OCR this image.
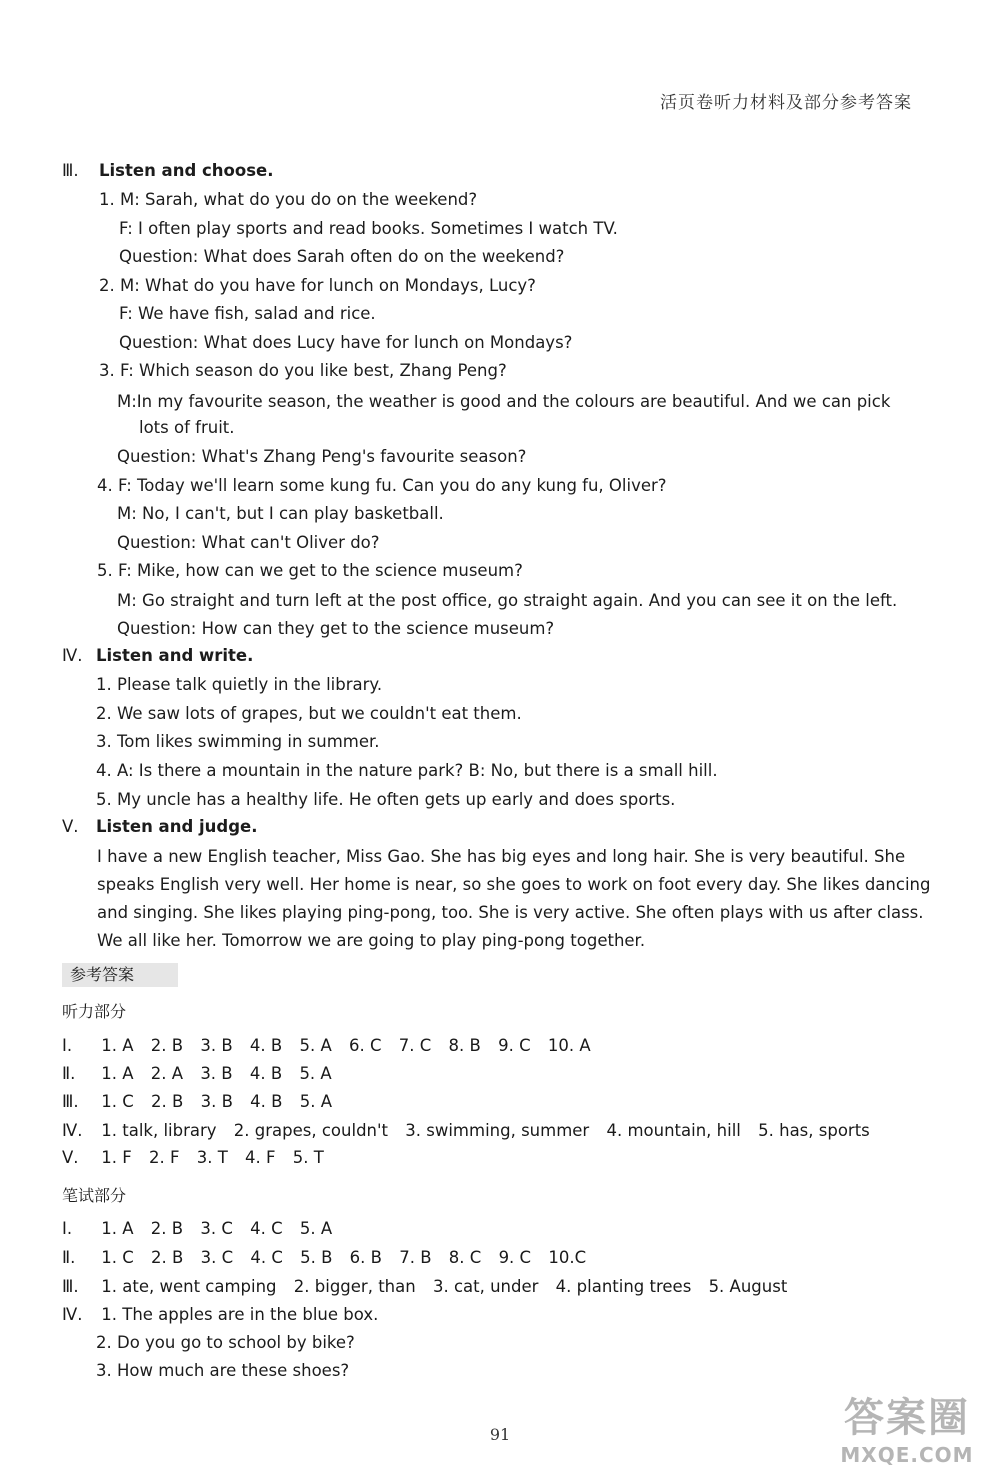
活页卷听力材料及部分参考答案
Ⅲ. Listen and choose.
1. M: Sarah, what do you do on the weekend?
F: I often play sports and read books. Sometimes I watch TV.
Question: What does Sarah often do on the weekend?
2. M: What do you have for lunch on Mondays, Lucy?
F: We have fish, salad and rice.
Question: What does Lucy have for lunch on Mondays?
3. F: Which season do you like best, Zhang Peng?
M:In my favourite season, the weather is good and the colours are beautiful. And we can pick
lots of fruit.
Question: What's Zhang Peng's favourite season?
4. F: Today we'll learn some kung fu. Can you do any kung fu, Oliver?
M: No, I can't, but I can play basketball.
Question: What can't Oliver do?
5. F: Mike, how can we get to the science museum?
M: Go straight and turn left at the post office, go straight again. And you can see it on the left.
Question: How can they get to the science museum?
Ⅳ. Listen and write.
1. Please talk quietly in the library.
2. We saw lots of grapes, but we couldn't eat them.
3. Tom likes swimming in summer.
4. A: Is there a mountain in the nature park? B: No, but there is a small hill.
5. My uncle has a healthy life. He often gets up early and does sports.
Ⅴ. Listen and judge.
I have a new English teacher, Miss Gao. She has big eyes and long hair. She is very beautiful. She
speaks English very well. Her home is near, so she goes to work on foot every day. She likes dancing
and singing. She likes playing ping-pong, too. She is very active. She often plays with us after class.
We all like her. Tomorrow we are going to play ping-pong together.
参考答案
听力部分
Ⅰ. 1. A 2. B 3. B 4. B 5. A 6. C 7. C 8. B 9. C 10. A
Ⅱ. 1. A 2. A 3. B 4. B 5. A
Ⅲ. 1. C 2. B 3. B 4. B 5. A
Ⅳ. 1. talk, library 2. grapes, couldn't 3. swimming, summer 4. mountain, hill 5. has, sports
Ⅴ. 1. F 2. F 3. T 4. F 5. T
笔试部分
Ⅰ. 1. A 2. B 3. C 4. C 5. A
Ⅱ. 1. C 2. B 3. C 4. C 5. B 6. B 7. B 8. C 9. C 10.C
Ⅲ. 1. ate, went camping 2. bigger, than 3. cat, under 4. planting trees 5. August
Ⅳ. 1. The apples are in the blue box.
2. Do you go to school by bike?
3. How much are these shoes?
91	答案圈
MXQE.COM
